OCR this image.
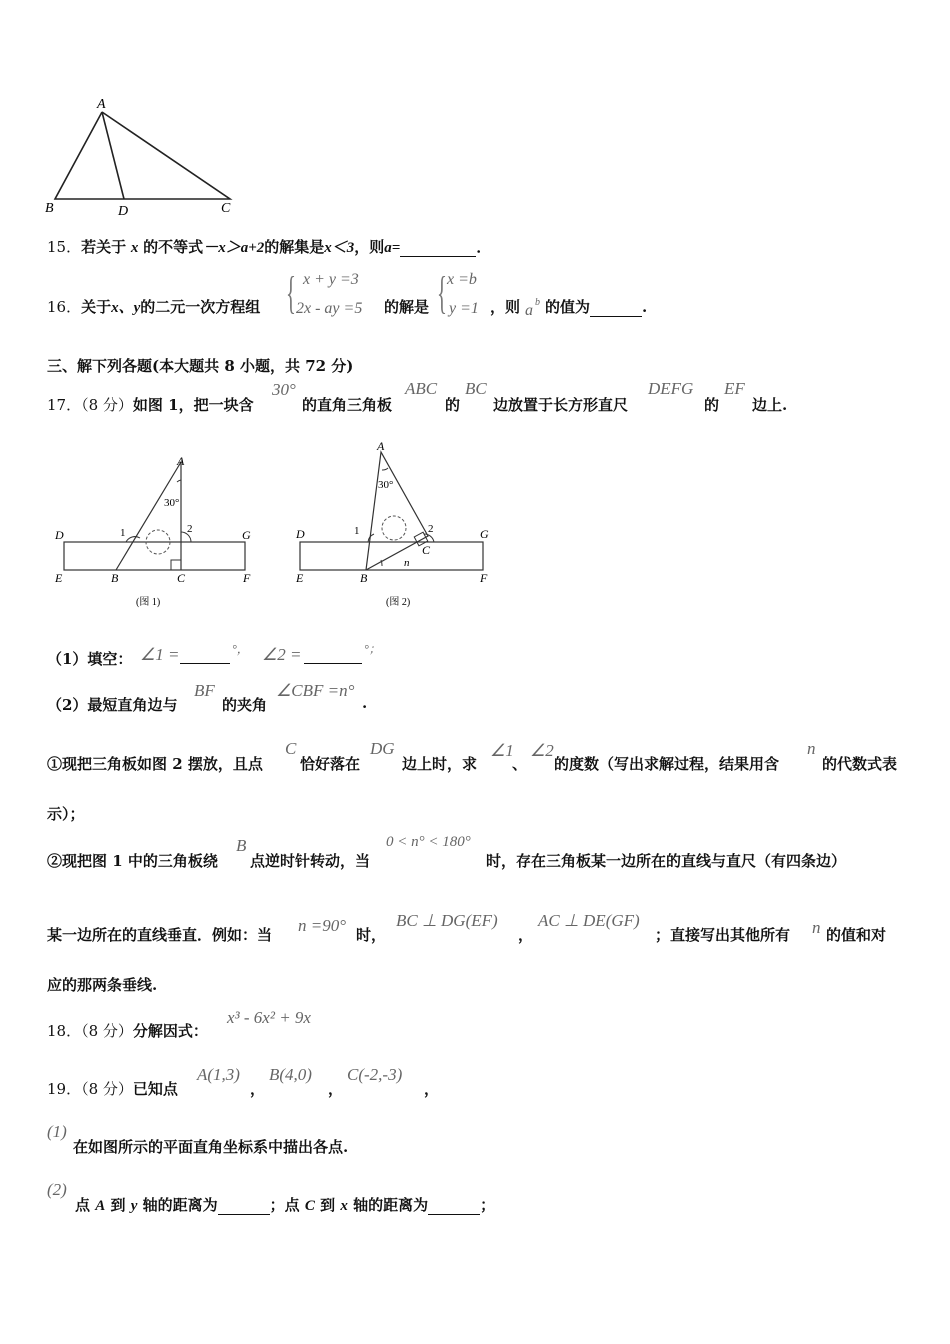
A
B	D	C
15．若关于 x 的不等式－x＞a+2的解集是x＜3，则a=	．
16．关于x、y的二元一次方程组 { x + y =3
2x - ay =5 的解是 { x =b
y =1 ，则 a b 的值为	.
三、解下列各题(本大题共 8 小题，共 72 分)
17．（8 分）如图 1，把一块含
30°
的直角三角板
ABC
的
BC
边放置于长方形直尺
DEFG
的
EF
边上.
A
30°
1	2
D	G
E	B	C	F
(图 1)
A
30°
1	2
C
n
D	G
E	B	F
(图 2)
（1）填空： ∠1 =	°， ∠2 =	°；
（2）最短直角边与
BF
的夹角
∠CBF =n°
.
①现把三角板如图 2 摆放，且点
C
恰好落在
DG
边上时，求
∠1
、
∠2
的度数（写出求解过程，结果用含
n
的代数式表
示）；
②现把图 1 中的三角板绕
B
点逆时针转动，当
0 < n° < 180°
时，存在三角板某一边所在的直线与直尺（有四条边）
某一边所在的直线垂直．例如：当 n =90° 时，
BC ⊥ DG(EF)
，
AC ⊥ DE(GF)
；直接写出其他所有 n 的值和对
应的那两条垂线.
18．（8 分）分解因式：
x³ - 6x² + 9x
19．（8 分）已知点
A(1,3)
，
B(4,0)
，
C(-2,-3)
，
(1)
在如图所示的平面直角坐标系中描出各点.
(2)
点 A 到 y 轴的距离为	；点 C 到 x 轴的距离为	；
